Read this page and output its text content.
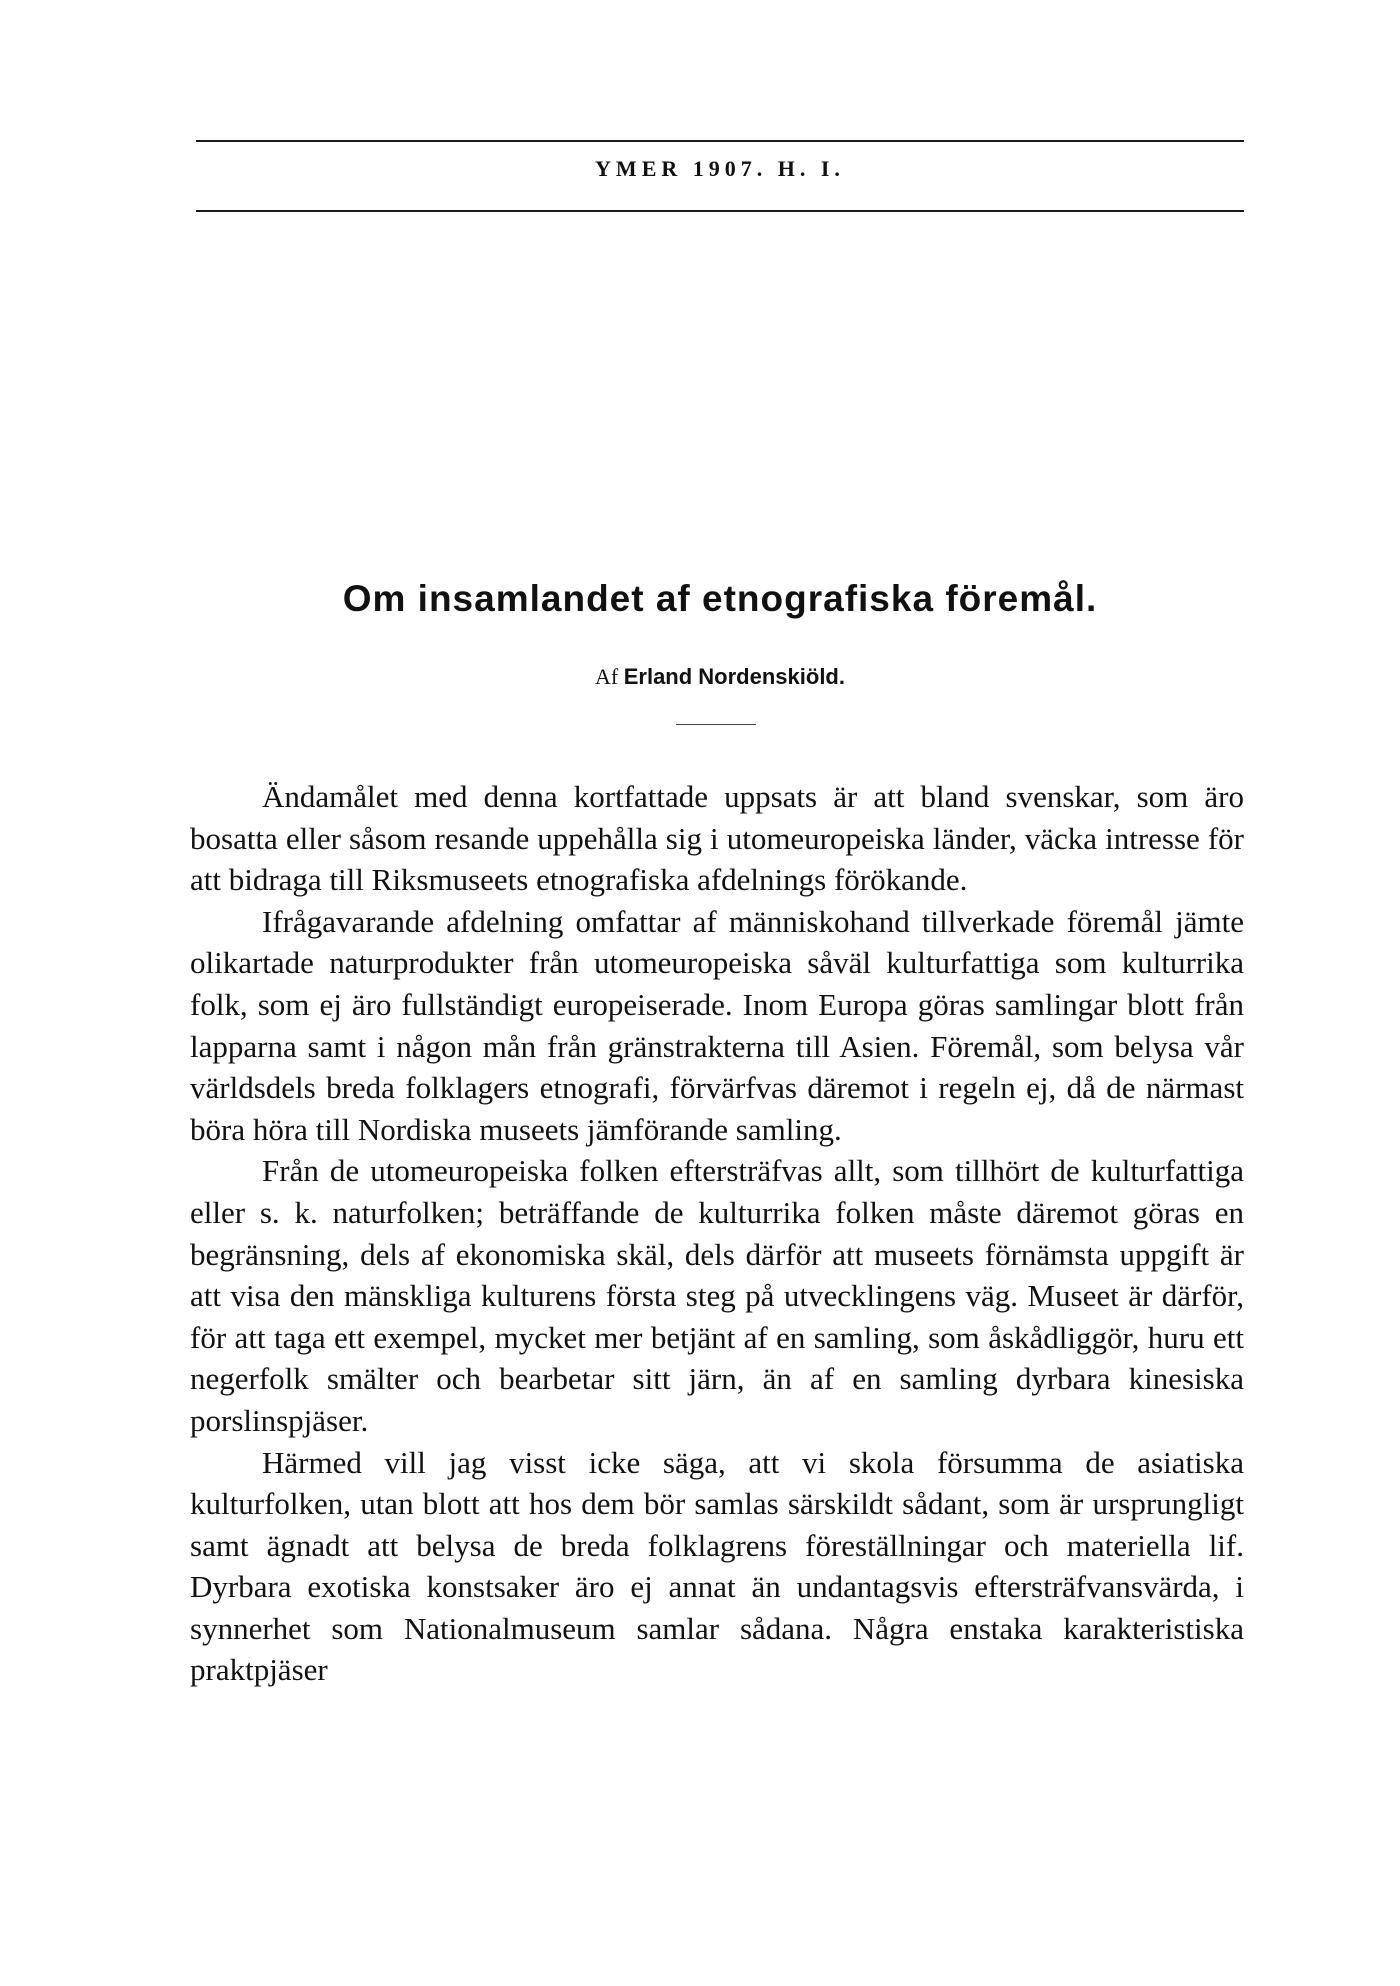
YMER 1907. H. I.
Om insamlandet af etnografiska föremål.
Af Erland Nordenskiöld.

Ändamålet med denna kortfattade uppsats är att bland svenskar, som äro bosatta eller såsom resande uppehålla sig i utomeuropeiska länder, väcka intresse för att bidraga till Riksmuseets etnografiska afdelnings förökande.

Ifrågavarande afdelning omfattar af människohand tillverkade föremål jämte olikartade naturprodukter från utomeuropeiska såväl kulturfattiga som kulturrika folk, som ej äro fullständigt europeiserade. Inom Europa göras samlingar blott från lapparna samt i någon mån från gränstrakterna till Asien. Föremål, som belysa vår världsdels breda folklagers etnografi, förvärfvas däremot i regeln ej, då de närmast böra höra till Nordiska museets jämförande samling.

Från de utomeuropeiska folken eftersträfvas allt, som tillhört de kulturfattiga eller s. k. naturfolken; beträffande de kulturrika folken måste däremot göras en begränsning, dels af ekonomiska skäl, dels därför att museets förnämsta uppgift är att visa den mänskliga kulturens första steg på utvecklingens väg. Museet är därför, för att taga ett exempel, mycket mer betjänt af en samling, som åskådliggör, huru ett negerfolk smälter och bearbetar sitt järn, än af en samling dyrbara kinesiska porslinspjäser.

Härmed vill jag visst icke säga, att vi skola försumma de asiatiska kulturfolken, utan blott att hos dem bör samlas särskildt sådant, som är ursprungligt samt ägnadt att belysa de breda folklagrens föreställningar och materiella lif. Dyrbara exotiska konstsaker äro ej annat än undantagsvis eftersträfvansvärda, i synnerhet som Nationalmuseum samlar sådana. Några enstaka karakteristiska praktpjäser
